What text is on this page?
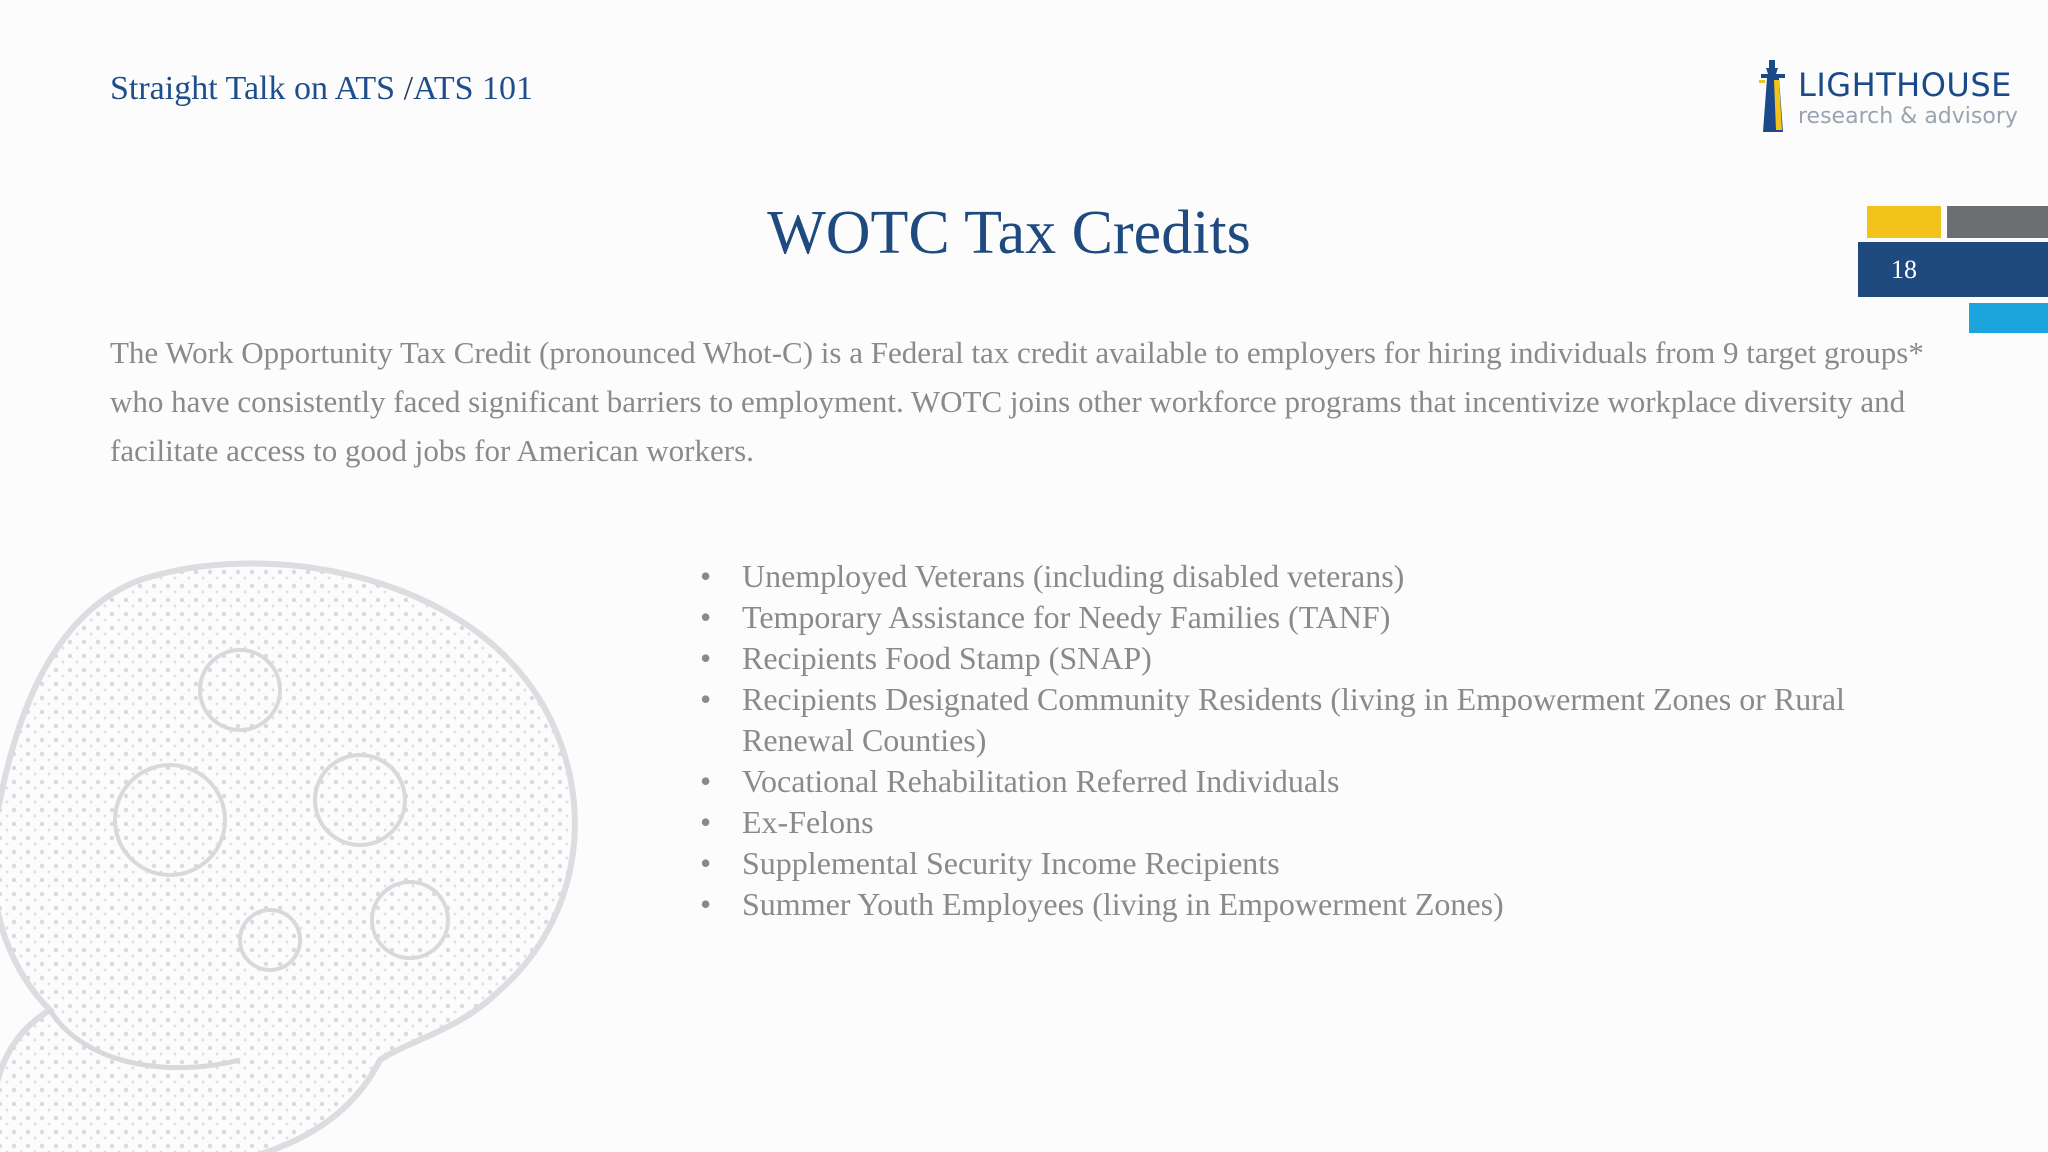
Straight Talk on ATS /ATS 101	LIGHTHOUSE
research & advisory
18
WOTC Tax Credits

The Work Opportunity Tax Credit (pronounced Whot-C) is a Federal tax credit available to employers for hiring individuals from 9 target groups* who have consistently faced significant barriers to employment. WOTC joins other workforce programs that incentivize workplace diversity and facilitate access to good jobs for American workers.

• Unemployed Veterans (including disabled veterans)
• Temporary Assistance for Needy Families (TANF)
• Recipients Food Stamp (SNAP)
• Recipients Designated Community Residents (living in Empowerment Zones or Rural Renewal Counties)
• Vocational Rehabilitation Referred Individuals
• Ex-Felons
• Supplemental Security Income Recipients
• Summer Youth Employees (living in Empowerment Zones)
